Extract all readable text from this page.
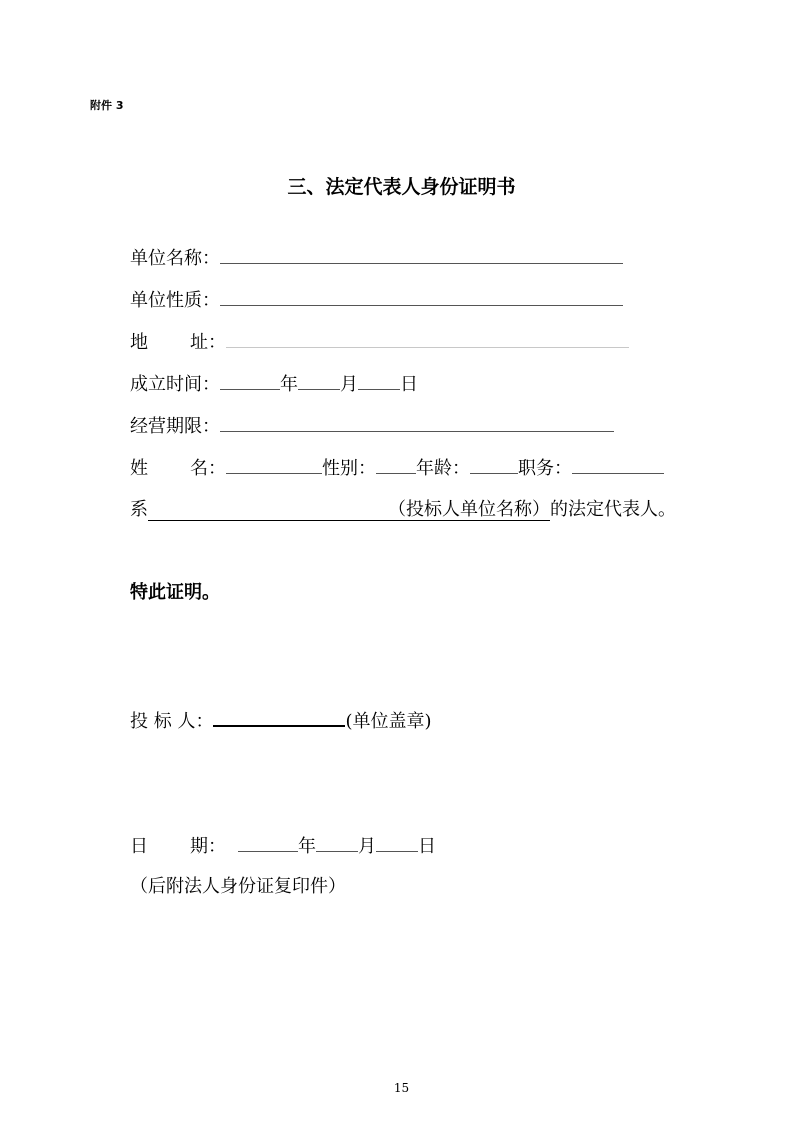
附件 3
三、法定代表人身份证明书
单位名称：
单位性质：
地 址：
成立时间：	年 月 日
经营期限：
姓 名：	性别： 年龄：	职务：
系	（投标人单位名称）的法定代表人。
特此证明。
投 标 人：	(单位盖章)
日 期：	年 月 日
（后附法人身份证复印件）
15
